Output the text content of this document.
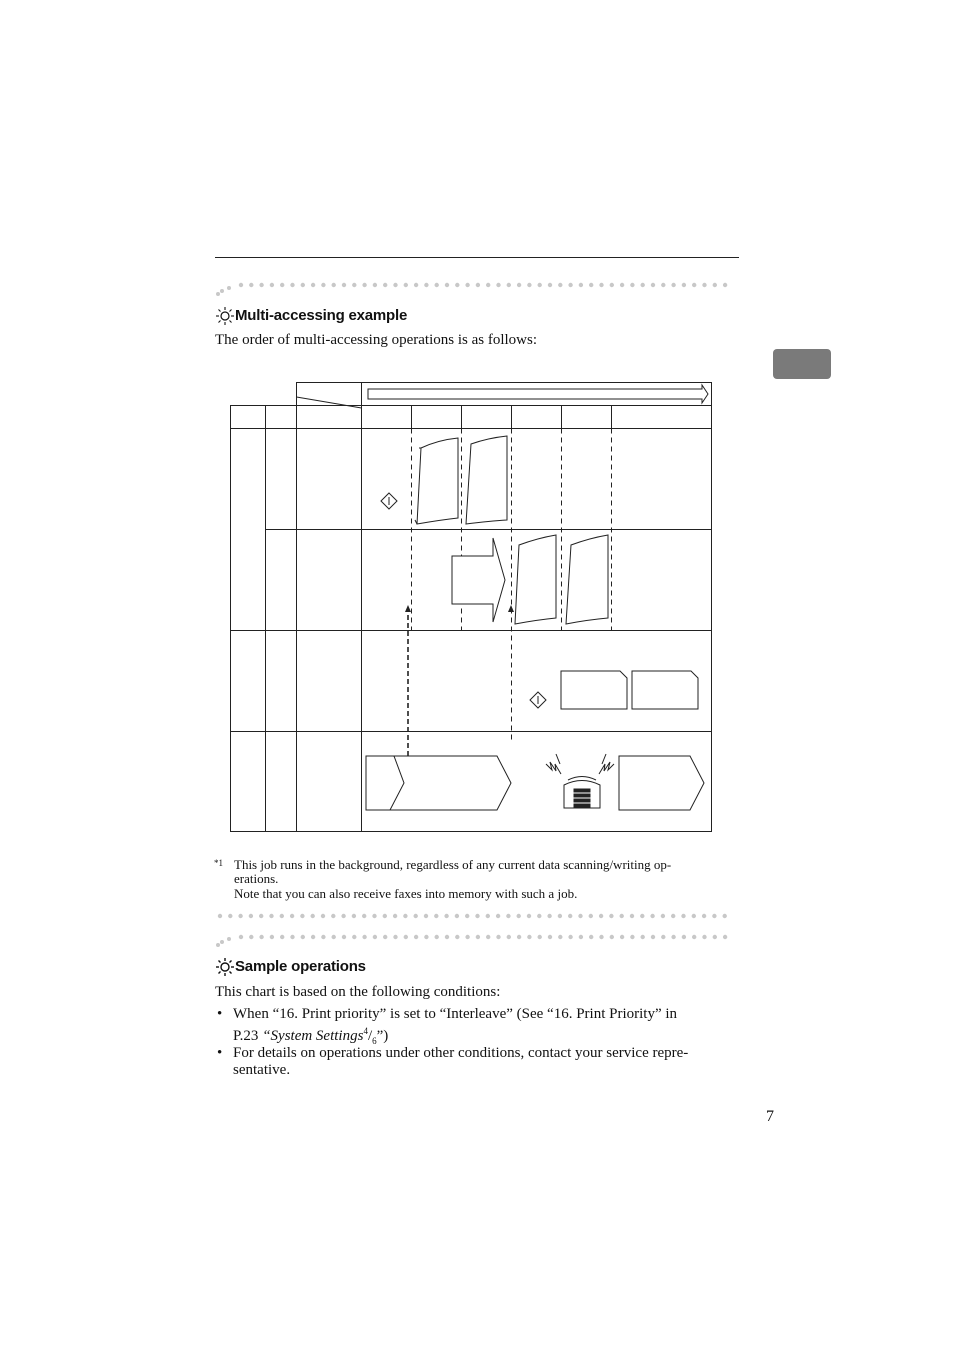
Multi-accessing example
The order of multi-accessing operations is as follows:
*1 This job runs in the background, regardless of any current data scanning/writing op-
erations.
Note that you can also receive faxes into memory with such a job.
Sample operations
This chart is based on the following conditions:
• When “16. Print priority” is set to “Interleave” (See “16. Print Priority” in
P.23 “System $Settings^4/_6$”)
• For details on operations under other conditions, contact your service repre-
sentative.
7
